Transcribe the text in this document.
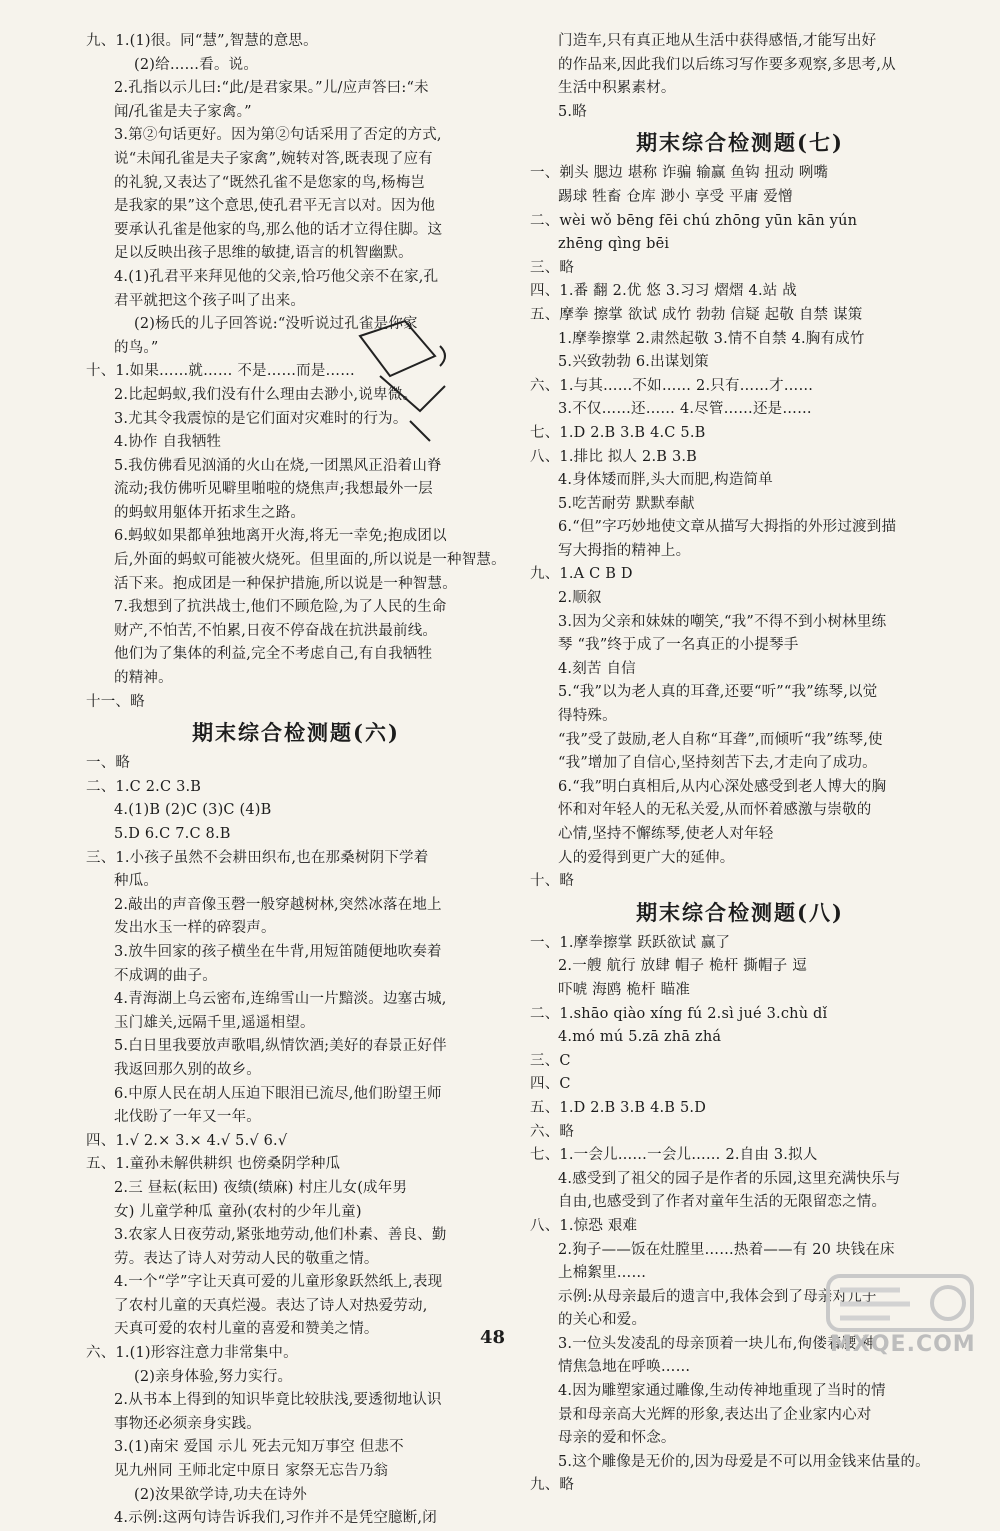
九、1.(1)很。同“慧”,智慧的意思。
(2)给……看。说。
2.孔指以示儿曰:“此/是君家果。”儿/应声答曰:“未
闻/孔雀是夫子家禽。”
3.第②句话更好。因为第②句话采用了否定的方式,
说“未闻孔雀是夫子家禽”,婉转对答,既表现了应有
的礼貌,又表达了“既然孔雀不是您家的鸟,杨梅岂
是我家的果”这个意思,使孔君平无言以对。因为他
要承认孔雀是他家的鸟,那么他的话才立得住脚。这
足以反映出孩子思维的敏捷,语言的机智幽默。
4.(1)孔君平来拜见他的父亲,恰巧他父亲不在家,孔
君平就把这个孩子叫了出来。
(2)杨氏的儿子回答说:“没听说过孔雀是你家
的鸟。”
十、1.如果……就…… 不是……而是……
2.比起蚂蚁,我们没有什么理由去渺小,说卑微。
3.尤其令我震惊的是它们面对灾难时的行为。
4.协作 自我牺牲
5.我仿佛看见汹涌的火山在烧,一团黑风正沿着山脊
流动;我仿佛听见噼里啪啦的烧焦声;我想最外一层
的蚂蚁用躯体开拓求生之路。
6.蚂蚁如果都单独地离开火海,将无一幸免;抱成团以
后,外面的蚂蚁可能被火烧死。但里面的,所以说是一种智慧。
活下来。抱成团是一种保护措施,所以说是一种智慧。
7.我想到了抗洪战士,他们不顾危险,为了人民的生命
财产,不怕苦,不怕累,日夜不停奋战在抗洪最前线。
他们为了集体的利益,完全不考虑自己,有自我牺牲
的精神。
十一、略
期末综合检测题(六)
一、略
二、1.C 2.C 3.B
4.(1)B (2)C (3)C (4)B
5.D 6.C 7.C 8.B
三、1.小孩子虽然不会耕田织布,也在那桑树阴下学着
种瓜。
2.敲出的声音像玉磬一般穿越树林,突然冰落在地上
发出水玉一样的碎裂声。
3.放牛回家的孩子横坐在牛背,用短笛随便地吹奏着
不成调的曲子。
4.青海湖上乌云密布,连绵雪山一片黯淡。边塞古城,
玉门雄关,远隔千里,遥遥相望。
5.白日里我要放声歌唱,纵情饮酒;美好的春景正好伴
我返回那久别的故乡。
6.中原人民在胡人压迫下眼泪已流尽,他们盼望王师
北伐盼了一年又一年。
四、1.√ 2.× 3.× 4.√ 5.√ 6.√
五、1.童孙未解供耕织 也傍桑阴学种瓜
2.三 昼耘(耘田) 夜绩(绩麻) 村庄儿女(成年男
女) 儿童学种瓜 童孙(农村的少年儿童)
3.农家人日夜劳动,紧张地劳动,他们朴素、善良、勤
劳。表达了诗人对劳动人民的敬重之情。
4.一个“学”字让天真可爱的儿童形象跃然纸上,表现
了农村儿童的天真烂漫。表达了诗人对热爱劳动,
天真可爱的农村儿童的喜爱和赞美之情。
六、1.(1)形容注意力非常集中。
(2)亲身体验,努力实行。
2.从书本上得到的知识毕竟比较肤浅,要透彻地认识
事物还必须亲身实践。
3.(1)南宋 爱国 示儿 死去元知万事空 但悲不
见九州同 王师北定中原日 家祭无忘告乃翁
(2)汝果欲学诗,功夫在诗外
4.示例:这两句诗告诉我们,习作并不是凭空臆断,闭
门造车,只有真正地从生活中获得感悟,才能写出好
的作品来,因此我们以后练习写作要多观察,多思考,从
生活中积累素材。
5.略
期末综合检测题(七)
一、剃头 腮边 堪称 诈骗 输赢 鱼钩 扭动 咧嘴
踢球 牲畜 仓库 渺小 享受 平庸 爱憎
二、wèi wǒ bēng fēi chú zhōng yūn kān yún
zhēng qìng bēi
三、略
四、1.番 翻 2.优 悠 3.习习 熠熠 4.站 战
五、摩拳 擦掌 欲试 成竹 勃勃 信疑 起敬 自禁 谋策
1.摩拳擦掌 2.肃然起敬 3.情不自禁 4.胸有成竹
5.兴致勃勃 6.出谋划策
六、1.与其……不如…… 2.只有……才……
3.不仅……还…… 4.尽管……还是……
七、1.D 2.B 3.B 4.C 5.B
八、1.排比 拟人 2.B 3.B
4.身体矮而胖,头大而肥,构造简单
5.吃苦耐劳 默默奉献
6.“但”字巧妙地使文章从描写大拇指的外形过渡到描
写大拇指的精神上。
九、1.A C B D
2.顺叙
3.因为父亲和妹妹的嘲笑,“我”不得不到小树林里练
琴 “我”终于成了一名真正的小提琴手
4.刻苦 自信
5.“我”以为老人真的耳聋,还要“听”“我”练琴,以觉
得特殊。
“我”受了鼓励,老人自称“耳聋”,而倾听“我”练琴,使
“我”增加了自信心,坚持刻苦下去,才走向了成功。
6.“我”明白真相后,从内心深处感受到老人博大的胸
怀和对年轻人的无私关爱,从而怀着感激与崇敬的
心情,坚持不懈练琴,使老人对年轻
人的爱得到更广大的延伸。
十、略
期末综合检测题(八)
一、1.摩拳擦掌 跃跃欲试 赢了
2.一艘 航行 放肆 帽子 桅杆 撕帽子 逗
吓唬 海鸥 桅杆 瞄准
二、1.shāo qiào xíng fú 2.sì jué 3.chù dǐ
4.mó mú 5.zā zhā zhá
三、C
四、C
五、1.D 2.B 3.B 4.B 5.D
六、略
七、1.一会儿……一会儿…… 2.自由 3.拟人
4.感受到了祖父的园子是作者的乐园,这里充满快乐与
自由,也感受到了作者对童年生活的无限留恋之情。
八、1.惊恐 艰难
2.狗子——饭在灶膛里……热着——有 20 块钱在床
上棉絮里……
示例:从母亲最后的遗言中,我体会到了母亲对儿子
的关心和爱。
3.一位头发凌乱的母亲顶着一块儿布,佝偻着腰,神
情焦急地在呼唤……
4.因为雕塑家通过雕像,生动传神地重现了当时的情
景和母亲高大光辉的形象,表达出了企业家内心对
母亲的爱和怀念。
5.这个雕像是无价的,因为母爱是不可以用金钱来估量的。
九、略
48	MXQE.COM
